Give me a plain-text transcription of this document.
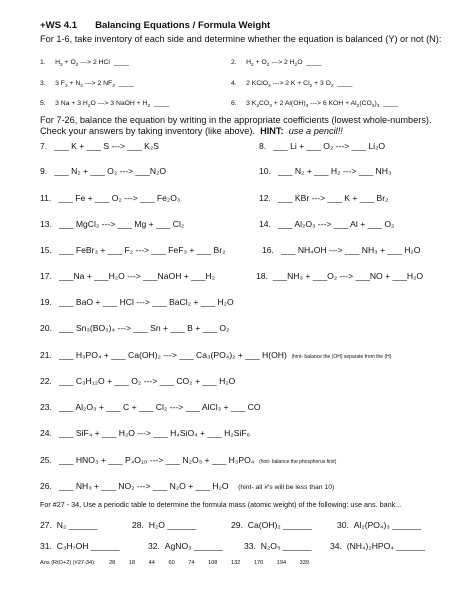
+WS 4.1 Balancing Equations / Formula Weight
For 1-6, take inventory of each side and determine whether the equation is balanced (Y) or not (N):
1. $H_2 + O_2$ ---> 2 HCl ____	2. $H_2 + O_2$ ---> 2 $H_2O$ ____
3. 3 $F_2 + N_2$ ---> 2 $NF_3$ ____	4. 2 KClO$_3$ ---> 2 $K + Cl_2 + 3$ $O_2$ ____
5. 3 Na + 3 $H_2O$ ---> 3 NaOH + $H_2$ ____	6. 3 $K_2CO_3 + 2$ $Al(OH)_3$ ---> 6 KOH + $Al_2(CO_3)_3$ ____
For 7-26, balance the equation by writing in the appropriate coefficients (lowest whole-numbers).
Check your answers by taking inventory (like above). HINT: use a pencil!!
7. ___ K + ___ S ---> ___ K₂S	8. ___ Li + ___ O₂ ---> ___ Li₂O
9. ___ N₂ + ___ O₂ ---> ___N₂O	10. ___ N₂ + ___ H₂ ---> ___ NH₃
11. ___ Fe + ___ O₂ ---> ___ Fe₂O₃	12. ___ KBr ---> ___ K + ___ Br₂
13. ___ MgCl₂ ---> ___ Mg + ___ Cl₂	14. ___ Al₂O₃ ---> ___ Al + ___ O₂
15. ___ FeBr₃ + ___ F₂ ---> ___ FeF₃ + ___ Br₂	16. ___ NH₄OH ---> ___ NH₃ + ___ H₂O
17. ___Na + ___H₂O ---> ___NaOH + ___H₂	18. ___NH₃ + ___O₂ ---> ___NO + ___H₂O
19. ___ BaO + ___ HCl ---> ___ BaCl₂ + ___ H₂O
20. ___ Sn₃(BO₃)₄ ---> ___ Sn + ___ B + ___ O₂
21. ___ H₃PO₄ + ___ Ca(OH)₂ ---> ___ Ca₃(PO₄)₂ + ___ H(OH) (hint- balance the (OH) separate from the (H)
22. ___ C₃H₁₂O + ___ O₂ ---> ___ CO₂ + ___ H₂O
23. ___ Al₂O₃ + ___ C + ___ Cl₂ ---> ___ AlCl₃ + ___ CO
24. ___ SiF₄ + ___ H₂O ---> ___ H₄SiO₄ + ___ H₂SiF₆
25. ___ HNO₃ + ___ P₄O₁₀ ---> ___ N₂O₅ + ___ H₃PO₄ (hint- balance the phosphorus first)
26. ___ NH₃ + ___ NO₂ ---> ___ N₂O + ___ H₂O (hint- all #'s will be less than 10)
For #27 - 34, Use a periodic table to determine the formula mass (atomic weight) of the following: use ans. bank...
27. N₂ ______	28. H₂O ______	29. Ca(OH)₂ ______	30. Al₂(PO₄)₃ ______
31. C₃H₇OH ______	32. AgNO₃ ______ 33. N₂O₅ ______ 34. (NH₄)₂HPO₄ ______
Ans (RtO+2) (#27-34): 28 18 44 60 74 108 132 170 194 339
